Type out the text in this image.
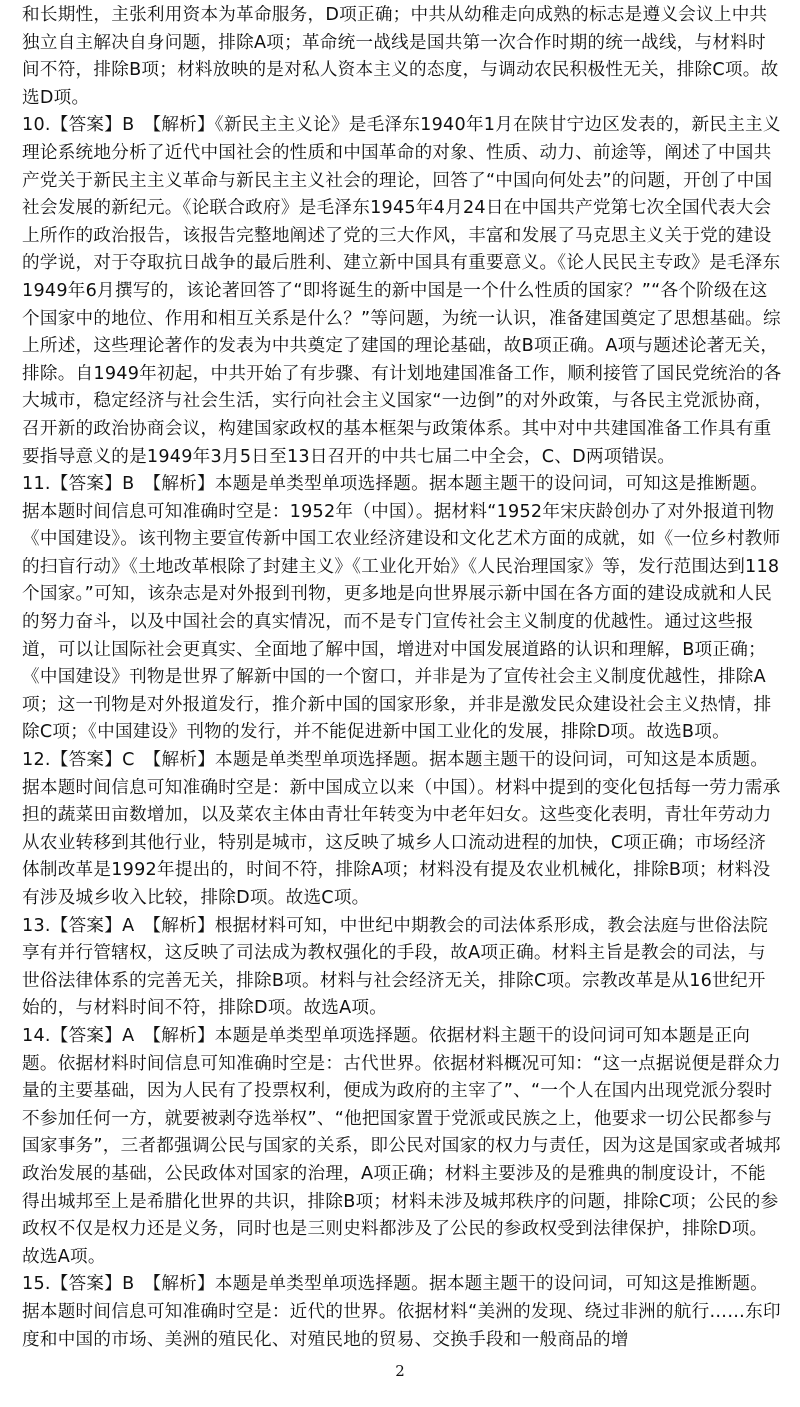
和长期性，主张利用资本为革命服务，D项正确；中共从幼稚走向成熟的标志是遵义会议上中共独立自主解决自身问题，排除A项；革命统一战线是国共第一次合作时期的统一战线，与材料时间不符，排除B项；材料放映的是对私人资本主义的态度，与调动农民积极性无关，排除C项。故选D项。

10.【答案】B　【解析】《新民主主义论》是毛泽东1940年1月在陕甘宁边区发表的，新民主主义理论系统地分析了近代中国社会的性质和中国革命的对象、性质、动力、前途等，阐述了中国共产党关于新民主主义革命与新民主主义社会的理论，回答了“中国向何处去”的问题，开创了中国社会发展的新纪元。《论联合政府》是毛泽东1945年4月24日在中国共产党第七次全国代表大会上所作的政治报告，该报告完整地阐述了党的三大作风，丰富和发展了马克思主义关于党的建设的学说，对于夺取抗日战争的最后胜利、建立新中国具有重要意义。《论人民民主专政》是毛泽东1949年6月撰写的，该论著回答了“即将诞生的新中国是一个什么性质的国家？”“各个阶级在这个国家中的地位、作用和相互关系是什么？”等问题，为统一认识，准备建国奠定了思想基础。综上所述，这些理论著作的发表为中共奠定了建国的理论基础，故B项正确。A项与题述论著无关，排除。自1949年初起，中共开始了有步骤、有计划地建国准备工作，顺利接管了国民党统治的各大城市，稳定经济与社会生活，实行向社会主义国家“一边倒”的对外政策，与各民主党派协商，召开新的政治协商会议，构建国家政权的基本框架与政策体系。其中对中共建国准备工作具有重要指导意义的是1949年3月5日至13日召开的中共七届二中全会，C、D两项错误。

11.【答案】B　【解析】本题是单类型单项选择题。据本题主题干的设问词，可知这是推断题。据本题时间信息可知准确时空是：1952年（中国）。据材料“1952年宋庆龄创办了对外报道刊物《中国建设》。该刊物主要宣传新中国工农业经济建设和文化艺术方面的成就，如《一位乡村教师的扫盲行动》《土地改革根除了封建主义》《工业化开始》《人民治理国家》等，发行范围达到118个国家。”可知，该杂志是对外报到刊物，更多地是向世界展示新中国在各方面的建设成就和人民的努力奋斗，以及中国社会的真实情况，而不是专门宣传社会主义制度的优越性。通过这些报道，可以让国际社会更真实、全面地了解中国，增进对中国发展道路的认识和理解，B项正确；《中国建设》刊物是世界了解新中国的一个窗口，并非是为了宣传社会主义制度优越性，排除A项；这一刊物是对外报道发行，推介新中国的国家形象，并非是激发民众建设社会主义热情，排除C项；《中国建设》刊物的发行，并不能促进新中国工业化的发展，排除D项。故选B项。

12.【答案】C　【解析】本题是单类型单项选择题。据本题主题干的设问词，可知这是本质题。据本题时间信息可知准确时空是：新中国成立以来（中国）。材料中提到的变化包括每一劳力需承担的蔬菜田亩数增加，以及菜农主体由青壮年转变为中老年妇女。这些变化表明，青壮年劳动力从农业转移到其他行业，特别是城市，这反映了城乡人口流动进程的加快，C项正确；市场经济体制改革是1992年提出的，时间不符，排除A项；材料没有提及农业机械化，排除B项；材料没有涉及城乡收入比较，排除D项。故选C项。

13.【答案】A　【解析】根据材料可知，中世纪中期教会的司法体系形成，教会法庭与世俗法院享有并行管辖权，这反映了司法成为教权强化的手段，故A项正确。材料主旨是教会的司法，与世俗法律体系的完善无关，排除B项。材料与社会经济无关，排除C项。宗教改革是从16世纪开始的，与材料时间不符，排除D项。故选A项。

14.【答案】A　【解析】本题是单类型单项选择题。依据材料主题干的设问词可知本题是正向题。依据材料时间信息可知准确时空是：古代世界。依据材料概况可知：“这一点据说便是群众力量的主要基础，因为人民有了投票权利，便成为政府的主宰了”、“一个人在国内出现党派分裂时不参加任何一方，就要被剥夺选举权”、“他把国家置于党派或民族之上，他要求一切公民都参与国家事务”，三者都强调公民与国家的关系，即公民对国家的权力与责任，因为这是国家或者城邦政治发展的基础，公民政体对国家的治理，A项正确；材料主要涉及的是雅典的制度设计，不能得出城邦至上是希腊化世界的共识，排除B项；材料未涉及城邦秩序的问题，排除C项；公民的参政权不仅是权力还是义务，同时也是三则史料都涉及了公民的参政权受到法律保护，排除D项。故选A项。

15.【答案】B　【解析】本题是单类型单项选择题。据本题主题干的设问词，可知这是推断题。据本题时间信息可知准确时空是：近代的世界。依据材料“美洲的发现、绕过非洲的航行……东印度和中国的市场、美洲的殖民化、对殖民地的贸易、交换手段和一般商品的增

2
